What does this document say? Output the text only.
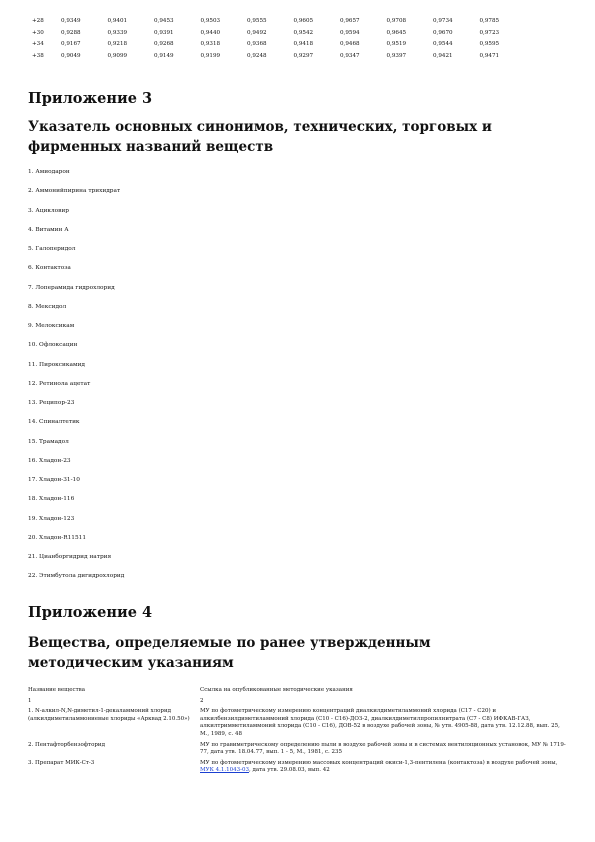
+28	0,9349	0,9401	0,9453	0,9503	0,9555	0,9605	0,9657	0,9708	0,9734	0,9785
+30	0,9288	0,9339	0,9391	0,9440	0,9492	0,9542	0,9594	0,9645	0,9670	0,9723
+34	0,9167	0,9218	0,9268	0,9318	0,9368	0,9418	0,9468	0,9519	0,9544	0,9595
+38	0,9049	0,9099	0,9149	0,9199	0,9248	0,9297	0,9347	0,9397	0,9421	0,9471
Приложение 3
Указатель основных синонимов, технических, торговых и
фирменных названий веществ
1. Амиодарон
2. Аммонийпирина трихидрат
3. Ацикловир
4. Витамин А
5. Галоперидол
6. Контактоза
7. Лоперамида гидрохлорид
8. Мексидол
9. Мелоксикам
10. Офлоксацин
11. Пироксикамид
12. Ретинола ацетат
13. Реципор-23
14. Спиналтетик
15. Трамадол
16. Хладон-23
17. Хладон-31-10
18. Хладон-116
19. Хладон-123
20. Хладон-R11511
21. Цианборгидрид натрия
22. Этимбутола дигидрохлорид
Приложение 4
Вещества, определяемые по ранее утвержденным
методическим указаниям
Название вещества	Ссылка на опубликованные методические указания
1	2
1. N-алкил-N,N-диметил-1-декаламмоний хлорид (алкилдиметиламмониевые хлориды «Арквад 2.10.50»)	МУ по фотометрическому измерению концентраций диалкилдиметиламмоний хлорида (С17 - С20) и алкилбензилдиметиламмоний хлорида (С10 - С16)-ДОЗ-2, диалкилдиметилпропилнитрата (С7 - С8) ИФКАВ-ГАЗ, алкилтримметиламмоний хлорида (С10 - С16), ДОВ-52 в воздухе рабочей зоны, № утв. 4905-88, дата утв. 12.12.88, вып. 25, М., 1989, с. 48
2. Пентафторбензофторид	МУ по гравиметрическому определению пыли в воздухе рабочей зоны и в системах вентиляционных установок, МУ № 1719-77, дата утв. 18.04.77, вып. 1 - 5, М., 1981, с. 235
3. Препарат МИК-Ст-3	МУ по фотометрическому измерению массовых концентраций окиси-1,3-пентилена (контактоза) в воздухе рабочей зоны, МУК 4.1.1043-03, дата утв. 29.08.03, вып. 42
